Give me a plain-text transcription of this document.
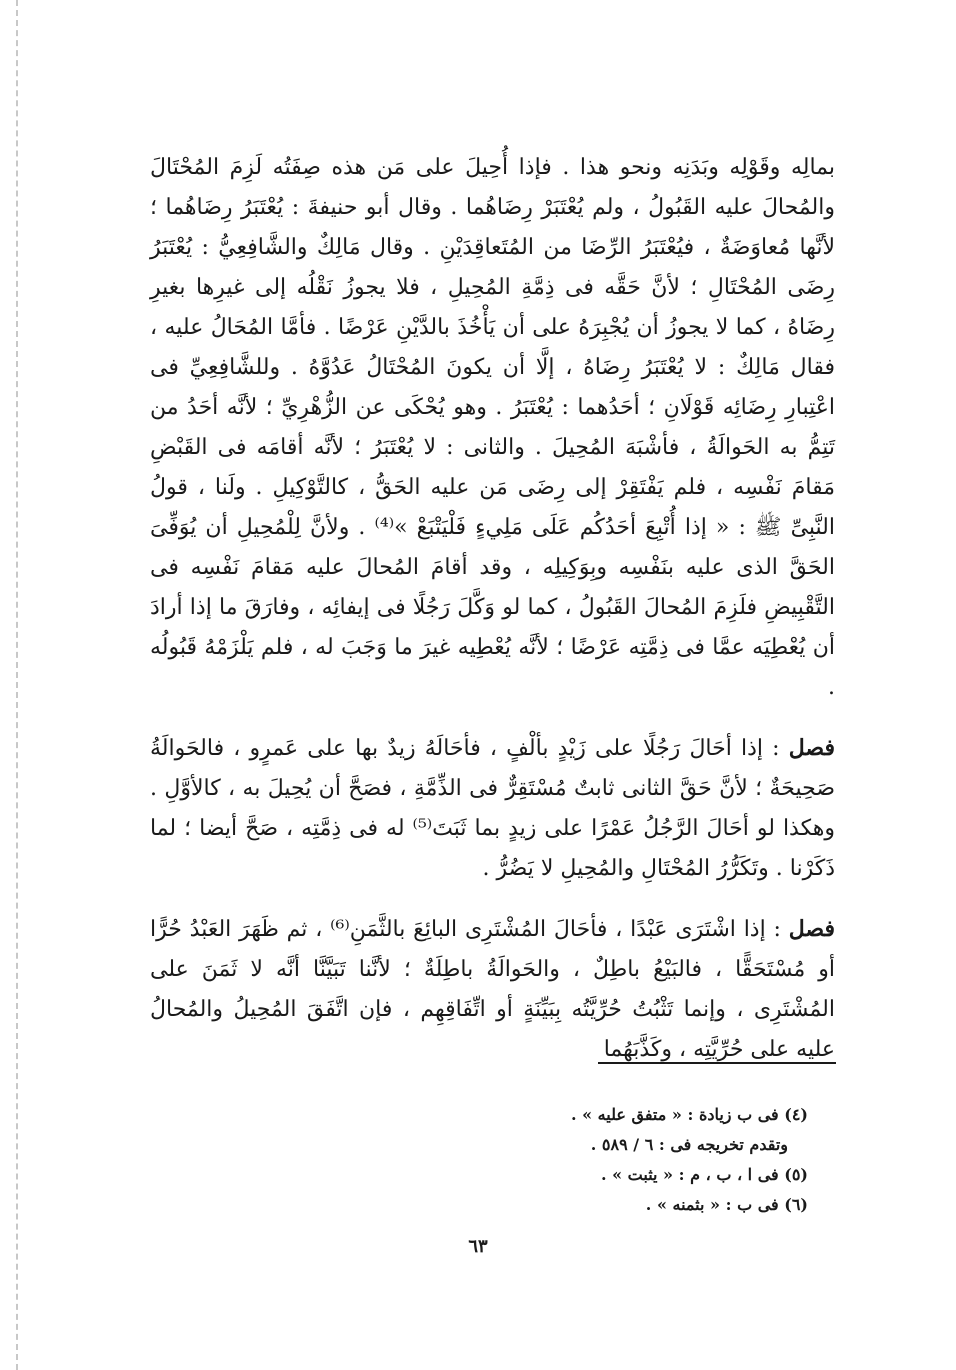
بمالِه وقَوْلِه وبَدَنِه ونحو هذا . فإذا أُحِيلَ على مَن هذه صِفَتُه لَزِمَ المُحْتَالَ والمُحالَ عليه القَبُولُ ، ولم يُعْتَبَرْ رِضَاهُما . وقال أبو حنيفةَ : يُعْتَبَرُ رِضَاهُما ؛ لأنَّها مُعاوَضَةٌ ، فيُعْتَبَرُ الرِّضَا من المُتَعاقِدَيْنِ . وقال مَالِكٌ والشَّافِعِيُّ : يُعْتَبَرُ رِضَى المُحْتَالِ ؛ لأنَّ حَقَّه فى ذِمَّةِ المُحِيلِ ، فلا يجوزُ نَقْلُه إلى غيرِها بغيرِ رِضَاهُ ، كما لا يجوزُ أن يُجْبِرَهُ على أن يَأْخُذَ بالدَّيْنِ عَرْضًا . فأمَّا المُحَالُ عليه ، فقال مَالِكٌ : لا يُعْتَبَرُ رِضَاهُ ، إلَّا أن يكونَ المُحْتَالُ عَدُوَّهُ . وللشَّافِعِيِّ فى اعْتِبارِ رِضَائِه قَوْلَانِ ؛ أحَدُهما : يُعْتَبَرُ . وهو يُحْكَى عن الزُّهْرِيِّ ؛ لأنَّه أحَدُ من تَتِمُّ به الحَوالَةُ ، فأشْبَهَ المُحِيلَ . والثانى : لا يُعْتَبَرُ ؛ لأنَّه أقامَه فى القَبْضِ مَقامَ نَفْسِه ، فلم يَفْتَقِرْ إلى رِضَى مَن عليه الحَقُّ ، كالتَّوْكِيلِ . ولَنا ، قولُ النَّبِىِّ ﷺ : « إذا أُتْبِعَ أحَدُكُم عَلَى مَلِيءٍ فَلْيَتْبَعْ »⁽⁴⁾ . ولأنَّ لِلْمُحِيلِ أن يُوَفِّىَ الحَقَّ الذى عليه بنَفْسِه وبِوَكِيلِه ، وقد أقامَ المُحالَ عليه مَقامَ نَفْسِه فى التَّقْبِيضِ فلَزِمَ المُحالَ القَبُولُ ، كما لو وَكَّلَ رَجُلًا فى إيفائِه ، وفارَقَ ما إذا أرادَ أن يُعْطِيَه عمَّا فى ذِمَّتِه عَرْضًا ؛ لأنَّه يُعْطِيه غيرَ ما وَجَبَ له ، فلم يَلْزَمْهُ قَبُولُه .

فصل : إذا أحَالَ رَجُلًا على زَيْدٍ بألْفٍ ، فأحَالَهُ زيدٌ بها على عَمرٍو ، فالحَوالَةُ صَحِيحَةٌ ؛ لأنَّ حَقَّ الثانى ثابتٌ مُسْتَقِرٌّ فى الذِّمَّةِ ، فصَحَّ أن يُحِيلَ به ، كالأوَّلِ . وهكذا لو أحَالَ الرَّجُلُ عَمْرًا على زيدٍ بما ثَبَتَ⁽⁵⁾ له فى ذِمَّتِه ، صَحَّ أيضا ؛ لما ذَكَرْنا . وتَكَرُّرُ المُحْتَالِ والمُحِيلِ لا يَضُرُّ .

فصل : إذا اشْتَرَى عَبْدًا ، فأحَالَ المُشْتَرِى البائِعَ بالثَّمَنِ⁽⁶⁾ ، ثم ظَهَرَ العَبْدُ حُرًّا أو مُسْتَحَقًّا ، فالبَيْعُ باطِلٌ ، والحَوالَةُ باطِلَةٌ ؛ لأنَّنا تَبَيَّنَّا أنَّه لا ثَمَنَ على المُشْتَرِى ، وإنما تَثْبُتُ حُرِّيَّتُه بِبَيِّنَةٍ أو اتِّفَاقِهِم ، فإن اتَّفَقَ المُحِيلُ والمُحالُ عليه على حُرِّيَّتِه ، وكَذَّبَهُما

(٤) فى ب زيادة : « متفق عليه » .

وتقدم تخريجه فى : ٦ / ٥٨٩ .

(٥) فى ا ، ب ، م : « يثبت » .

(٦) فى ب : « بثمنه » .

٦٣
